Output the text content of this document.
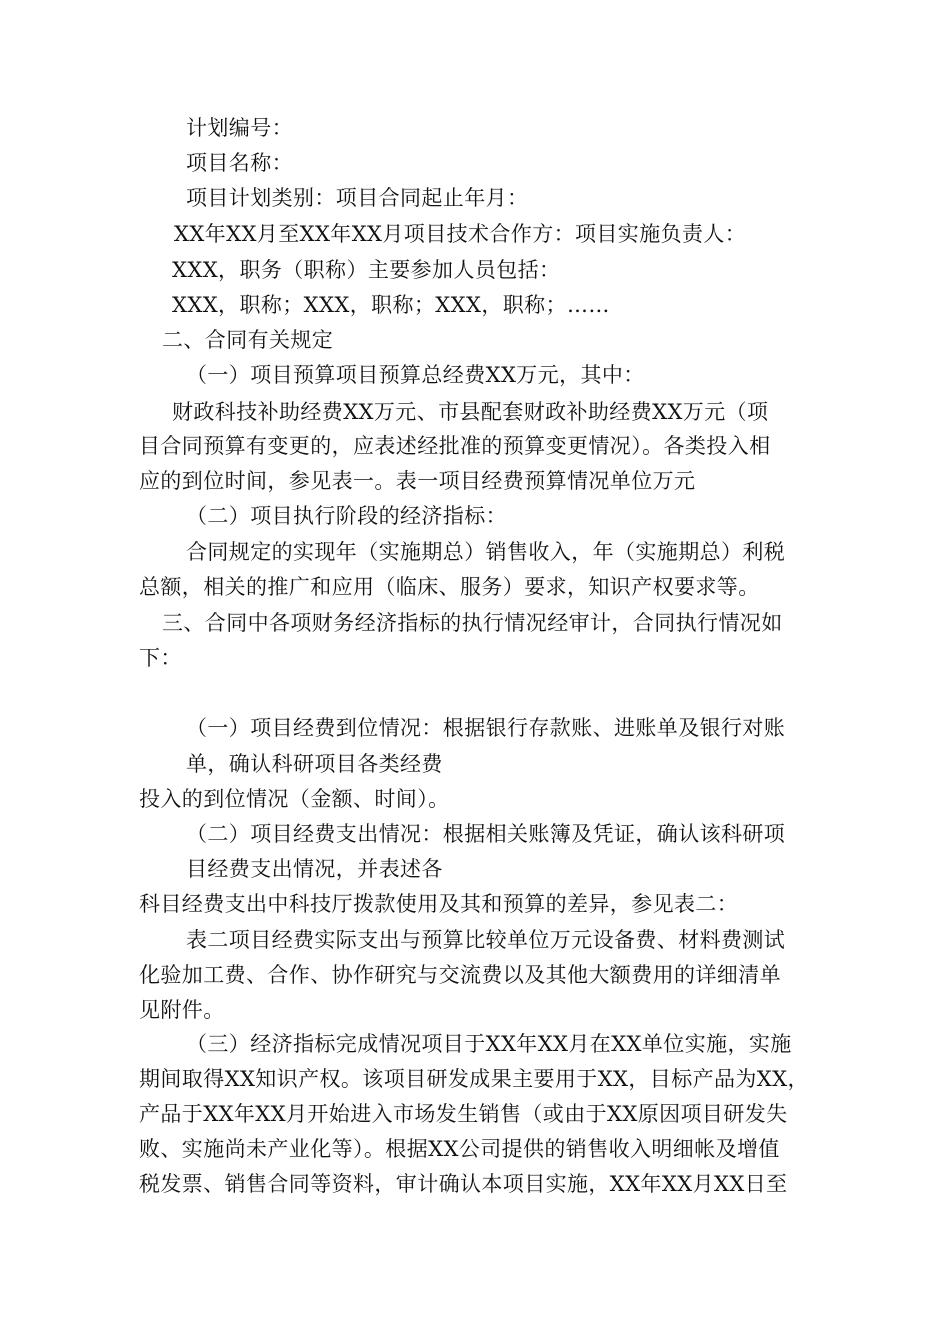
计划编号：
项目名称：
项目计划类别：项目合同起止年月：
XX年XX月至XX年XX月项目技术合作方：项目实施负责人：
XXX，职务（职称）主要参加人员包括：
XXX，职称；XXX，职称；XXX，职称；……
二、合同有关规定
（一）项目预算项目预算总经费XX万元，其中：
财政科技补助经费XX万元、市县配套财政补助经费XX万元（项
目合同预算有变更的，应表述经批准的预算变更情况）。各类投入相
应的到位时间，参见表一。表一项目经费预算情况单位万元
（二）项目执行阶段的经济指标：
合同规定的实现年（实施期总）销售收入，年（实施期总）利税
总额，相关的推广和应用（临床、服务）要求，知识产权要求等。
三、合同中各项财务经济指标的执行情况经审计，合同执行情况如
下：
（一）项目经费到位情况：根据银行存款账、进账单及银行对账
单，确认科研项目各类经费
投入的到位情况（金额、时间）。
（二）项目经费支出情况：根据相关账簿及凭证，确认该科研项
目经费支出情况，并表述各
科目经费支出中科技厅拨款使用及其和预算的差异，参见表二：
表二项目经费实际支出与预算比较单位万元设备费、材料费测试
化验加工费、合作、协作研究与交流费以及其他大额费用的详细清单
见附件。
（三）经济指标完成情况项目于XX年XX月在XX单位实施，实施
期间取得XX知识产权。该项目研发成果主要用于XX，目标产品为XX，
产品于XX年XX月开始进入市场发生销售（或由于XX原因项目研发失
败、实施尚未产业化等）。根据XX公司提供的销售收入明细帐及增值
税发票、销售合同等资料，审计确认本项目实施，XX年XX月XX日至
